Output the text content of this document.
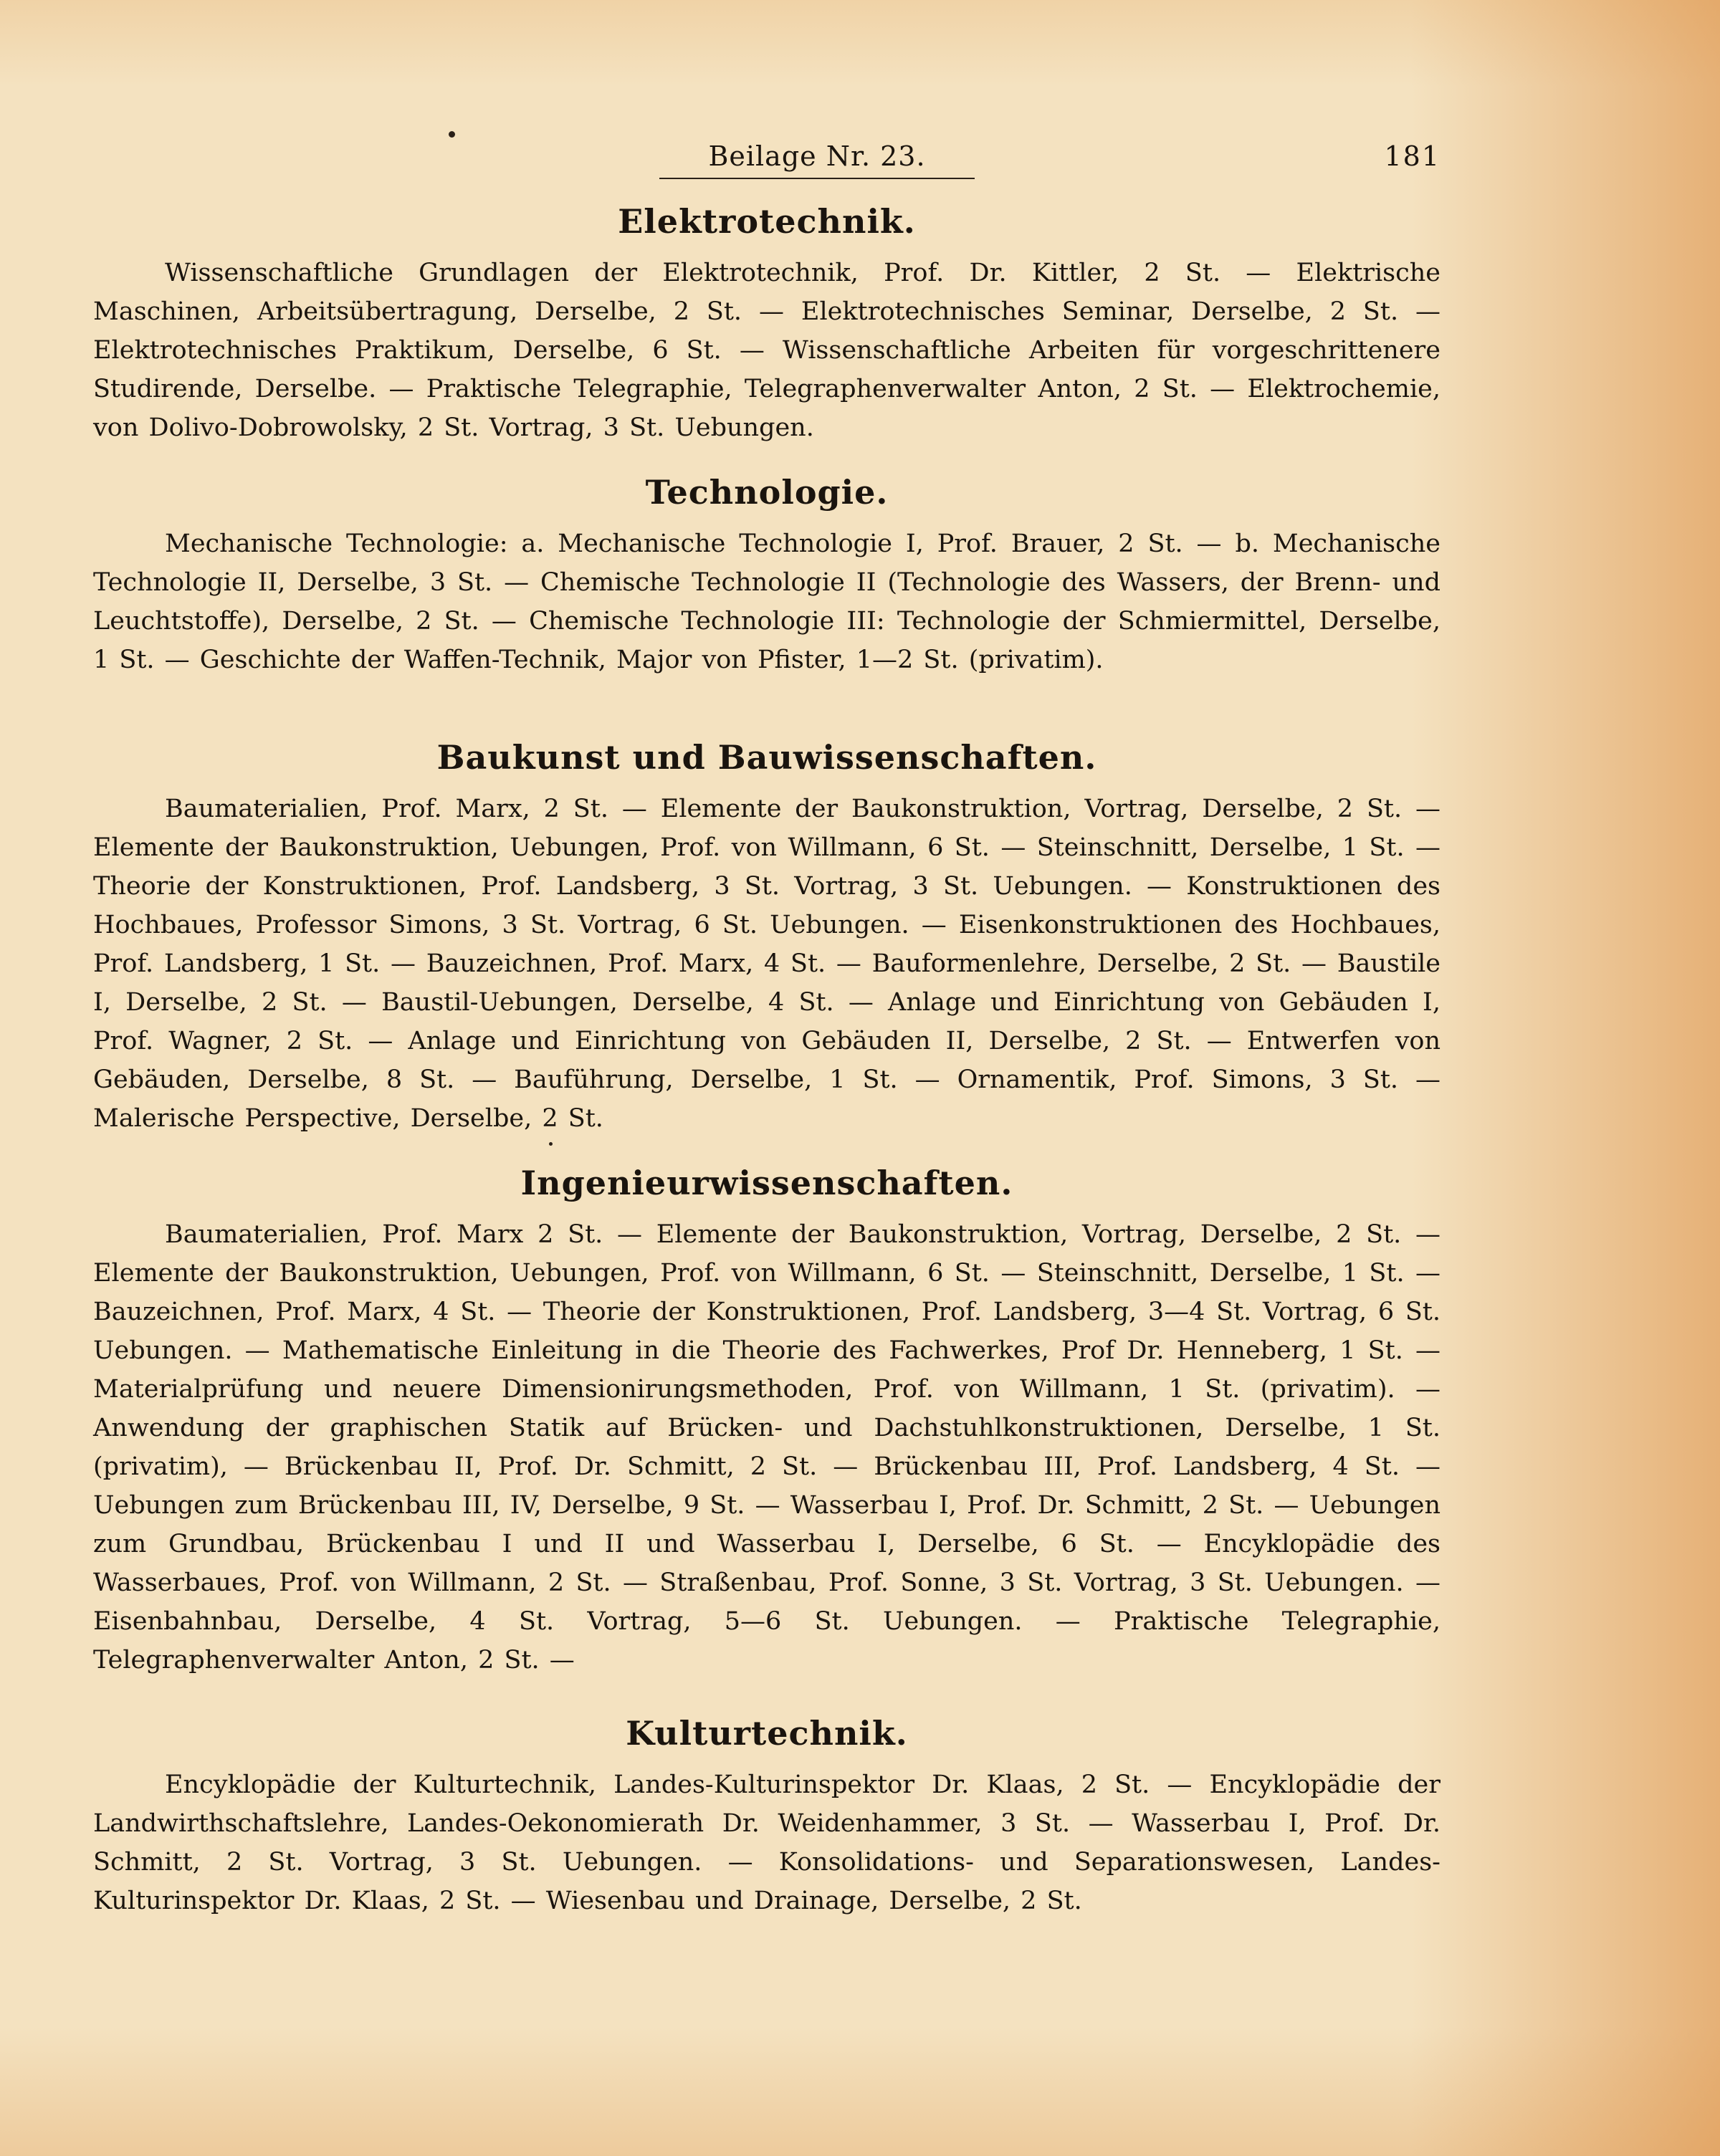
Beilage Nr. 23.	181
Elektrotechnik.

Wissenschaftliche Grundlagen der Elektrotechnik, Prof. Dr. Kittler, 2 St. — Elektrische Maschinen, Arbeitsübertragung, Derselbe, 2 St. — Elektrotechnisches Seminar, Derselbe, 2 St. — Elektrotechnisches Praktikum, Derselbe, 6 St. — Wissenschaftliche Arbeiten für vorgeschrittenere Studirende, Derselbe. — Praktische Telegraphie, Telegraphenverwalter Anton, 2 St. — Elektrochemie, von Dolivo-Dobrowolsky, 2 St. Vortrag, 3 St. Uebungen.

Technologie.

Mechanische Technologie: a. Mechanische Technologie I, Prof. Brauer, 2 St. — b. Mechanische Technologie II, Derselbe, 3 St. — Chemische Technologie II (Technologie des Wassers, der Brenn- und Leuchtstoffe), Derselbe, 2 St. — Chemische Technologie III: Technologie der Schmiermittel, Derselbe, 1 St. — Geschichte der Waffen-Technik, Major von Pfister, 1—2 St. (privatim).

Baukunst und Bauwissenschaften.

Baumaterialien, Prof. Marx, 2 St. — Elemente der Baukonstruktion, Vortrag, Derselbe, 2 St. — Elemente der Baukonstruktion, Uebungen, Prof. von Willmann, 6 St. — Steinschnitt, Derselbe, 1 St. — Theorie der Konstruktionen, Prof. Landsberg, 3 St. Vortrag, 3 St. Uebungen. — Konstruktionen des Hochbaues, Professor Simons, 3 St. Vortrag, 6 St. Uebungen. — Eisenkonstruktionen des Hochbaues, Prof. Landsberg, 1 St. — Bauzeichnen, Prof. Marx, 4 St. — Bauformenlehre, Derselbe, 2 St. — Baustile I, Derselbe, 2 St. — Baustil-Uebungen, Derselbe, 4 St. — Anlage und Einrichtung von Gebäuden I, Prof. Wagner, 2 St. — Anlage und Einrichtung von Gebäuden II, Derselbe, 2 St. — Entwerfen von Gebäuden, Derselbe, 8 St. — Bauführung, Derselbe, 1 St. — Ornamentik, Prof. Simons, 3 St. — Malerische Perspective, Derselbe, 2 St.

Ingenieurwissenschaften.

Baumaterialien, Prof. Marx 2 St. — Elemente der Baukonstruktion, Vortrag, Derselbe, 2 St. — Elemente der Baukonstruktion, Uebungen, Prof. von Willmann, 6 St. — Steinschnitt, Derselbe, 1 St. — Bauzeichnen, Prof. Marx, 4 St. — Theorie der Konstruktionen, Prof. Landsberg, 3—4 St. Vortrag, 6 St. Uebungen. — Mathematische Einleitung in die Theorie des Fachwerkes, Prof Dr. Henneberg, 1 St. — Materialprüfung und neuere Dimensionirungsmethoden, Prof. von Willmann, 1 St. (privatim). — Anwendung der graphischen Statik auf Brücken- und Dachstuhlkonstruktionen, Derselbe, 1 St. (privatim), — Brückenbau II, Prof. Dr. Schmitt, 2 St. — Brückenbau III, Prof. Landsberg, 4 St. — Uebungen zum Brückenbau III, IV, Derselbe, 9 St. — Wasserbau I, Prof. Dr. Schmitt, 2 St. — Uebungen zum Grundbau, Brückenbau I und II und Wasserbau I, Derselbe, 6 St. — Encyklopädie des Wasserbaues, Prof. von Willmann, 2 St. — Straßenbau, Prof. Sonne, 3 St. Vortrag, 3 St. Uebungen. — Eisenbahnbau, Derselbe, 4 St. Vortrag, 5—6 St. Uebungen. — Praktische Telegraphie, Telegraphenverwalter Anton, 2 St. —

Kulturtechnik.

Encyklopädie der Kulturtechnik, Landes-Kulturinspektor Dr. Klaas, 2 St. — Encyklopädie der Landwirthschaftslehre, Landes-Oekonomierath Dr. Weidenhammer, 3 St. — Wasserbau I, Prof. Dr. Schmitt, 2 St. Vortrag, 3 St. Uebungen. — Konsolidations- und Separationswesen, Landes-Kulturinspektor Dr. Klaas, 2 St. — Wiesenbau und Drainage, Derselbe, 2 St.
